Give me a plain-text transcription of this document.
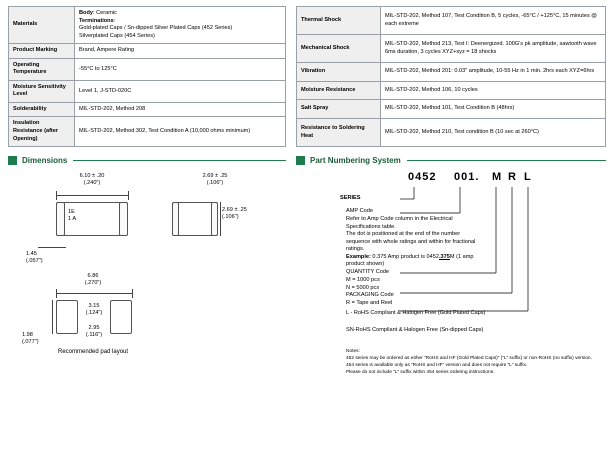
Materials	Body: Ceramic
Terminations:
Gold-plated Caps / Sn-dipped Silver Plated Caps (452 Series)
Silverplated Caps (454 Series)
Product Marking	Brand, Ampere Rating
Operating Temperature	-55°C to 125°C
Moisture Sensitivity Level	Level 1, J-STD-020C
Solderability	MIL-STD-202, Method 208
Insulation Resistance (after Opening)	MIL-STD-202, Method 302, Test Condition A (10,000 ohms minimum)
Thermal Shock	MIL-STD-202, Method 107, Test Condition B, 5 cycles, -65°C / +125°C, 15 minutes @ each extreme
Mechanical Shock	MIL-STD-202, Method 213, Test I: Deenergized. 100G's pk amplitude, sawtooth wave 6ms duration, 3 cycles XYZ+xyz = 18 shocks
Vibration	MIL-STD-202, Method 201: 0.03" amplitude, 10-55 Hz in 1 min. 2hrs each XYZ=6hrs
Moisture Resistance	MIL-STD-202, Method 106, 10 cycles
Salt Spray	MIL-STD-202, Method 101, Test Condition B (48hrs)
Resistance to Soldering Heat	MIL-STD-202, Method 210, Test condition B (10 sec at 260°C)
Dimensions
6.10 ± .20
(.240")
1E
1 A
2.69 ± .25
(.106")
2.69 ± .25
(.106")
1.45
(.057")
6.86
(.270")
3.15
(.124")
2.95
(.116")
1.98
(.077")
Recommended pad layout
Part Numbering System
0452 001. M R L
SERIES
AMP Code
Refer to Amp Code column in the Electrical Specifications table.
The dot is positioned at the end of the number sequence with whole ratings and within for fractional ratings.
Example: 0.375 Amp product is 0452.375M (1 amp product shown)
QUANTITY Code
M = 1000 pcs
N = 5000 pcs
PACKAGING Code
R = Tape and Reel
L - RoHS Compliant & Halogen Free (Gold Plated Caps)
SN-RoHS Compliant & Halogen Free (Sn-dipped Caps)
Notes:
452 series may be ordered as either “RoHS and HF (Gold Plated Caps)” (“L” suffix) or non-RoHS (no suffix) version.
454 series is available only as “RoHS and HF” version and does not require “L” suffix.
Please do not include “L” suffix within 454 series ordering instructions.
